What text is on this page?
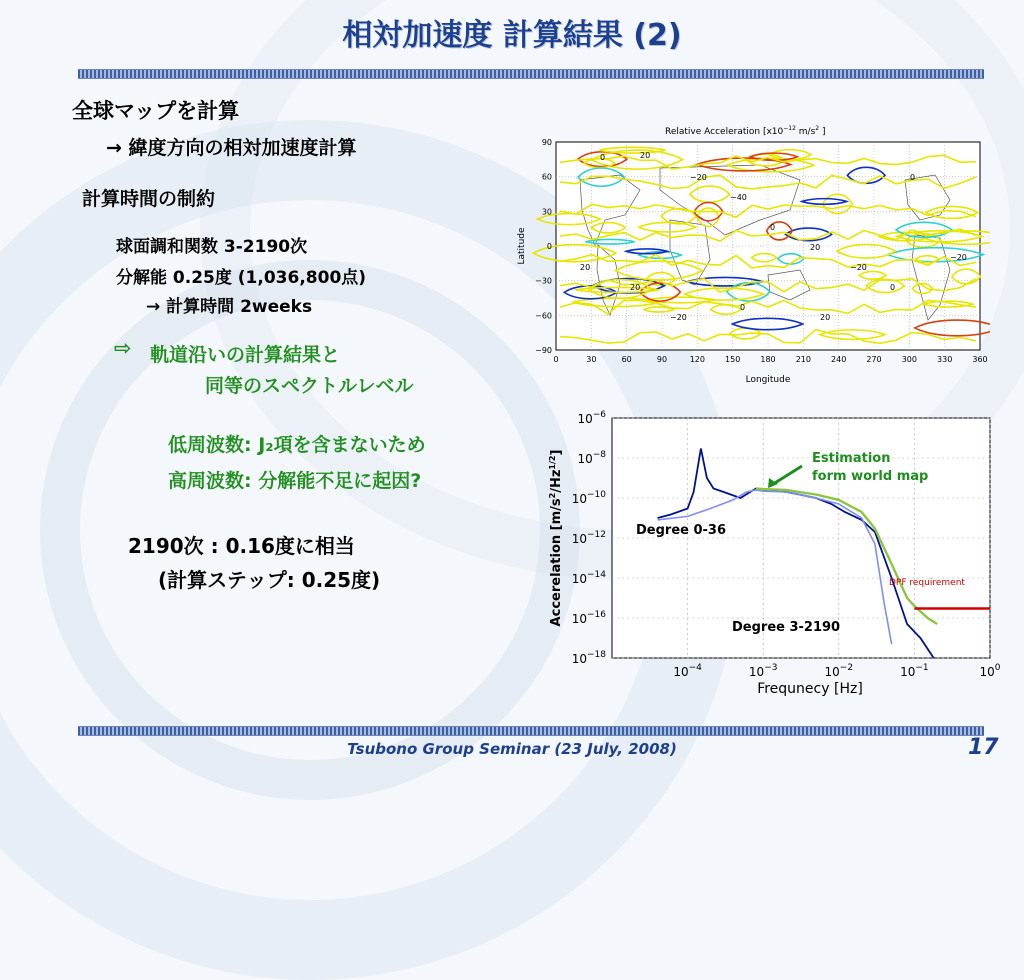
相対加速度 計算結果 (2)
全球マップを計算
→ 緯度方向の相対加速度計算
計算時間の制約
球面調和関数 3-2190次
分解能 0.25度 (1,036,800点)
→ 計算時間 2weeks
⇨ 軌道沿いの計算結果と
同等のスペクトルレベル
低周波数: J₂項を含まないため
高周波数: 分解能不足に起因?
2190次 : 0.16度に相当
(計算ステップ: 0.25度)
Relative Acceleration [$x10^{-12}$ $m/s^2$ ]
0	20
−20
−40
0
20
−20
0
20
−20
0
20
0
−20
20
0	30	60	90	120	150	180	210	240	270	300	330	360
90
60
30
0
−30
−60
−90
Longitude
Latitude
$10^{-6}$
$10^{-8}$
$10^{-10}$
$10^{-12}$
$10^{-14}$
$10^{-16}$
$10^{-18}$
$10^{-4}$	$10^{-3}$	$10^{-2}$	$10^{-1}$	$10^0$
Frequnecy [Hz]
Accerelation $[m/s^2/Hz^{1/2}]$	Estimation
form world map
Degree 0-36
Degree 3-2190
DPF requirement
Tsubono Group Seminar (23 July, 2008)	17
